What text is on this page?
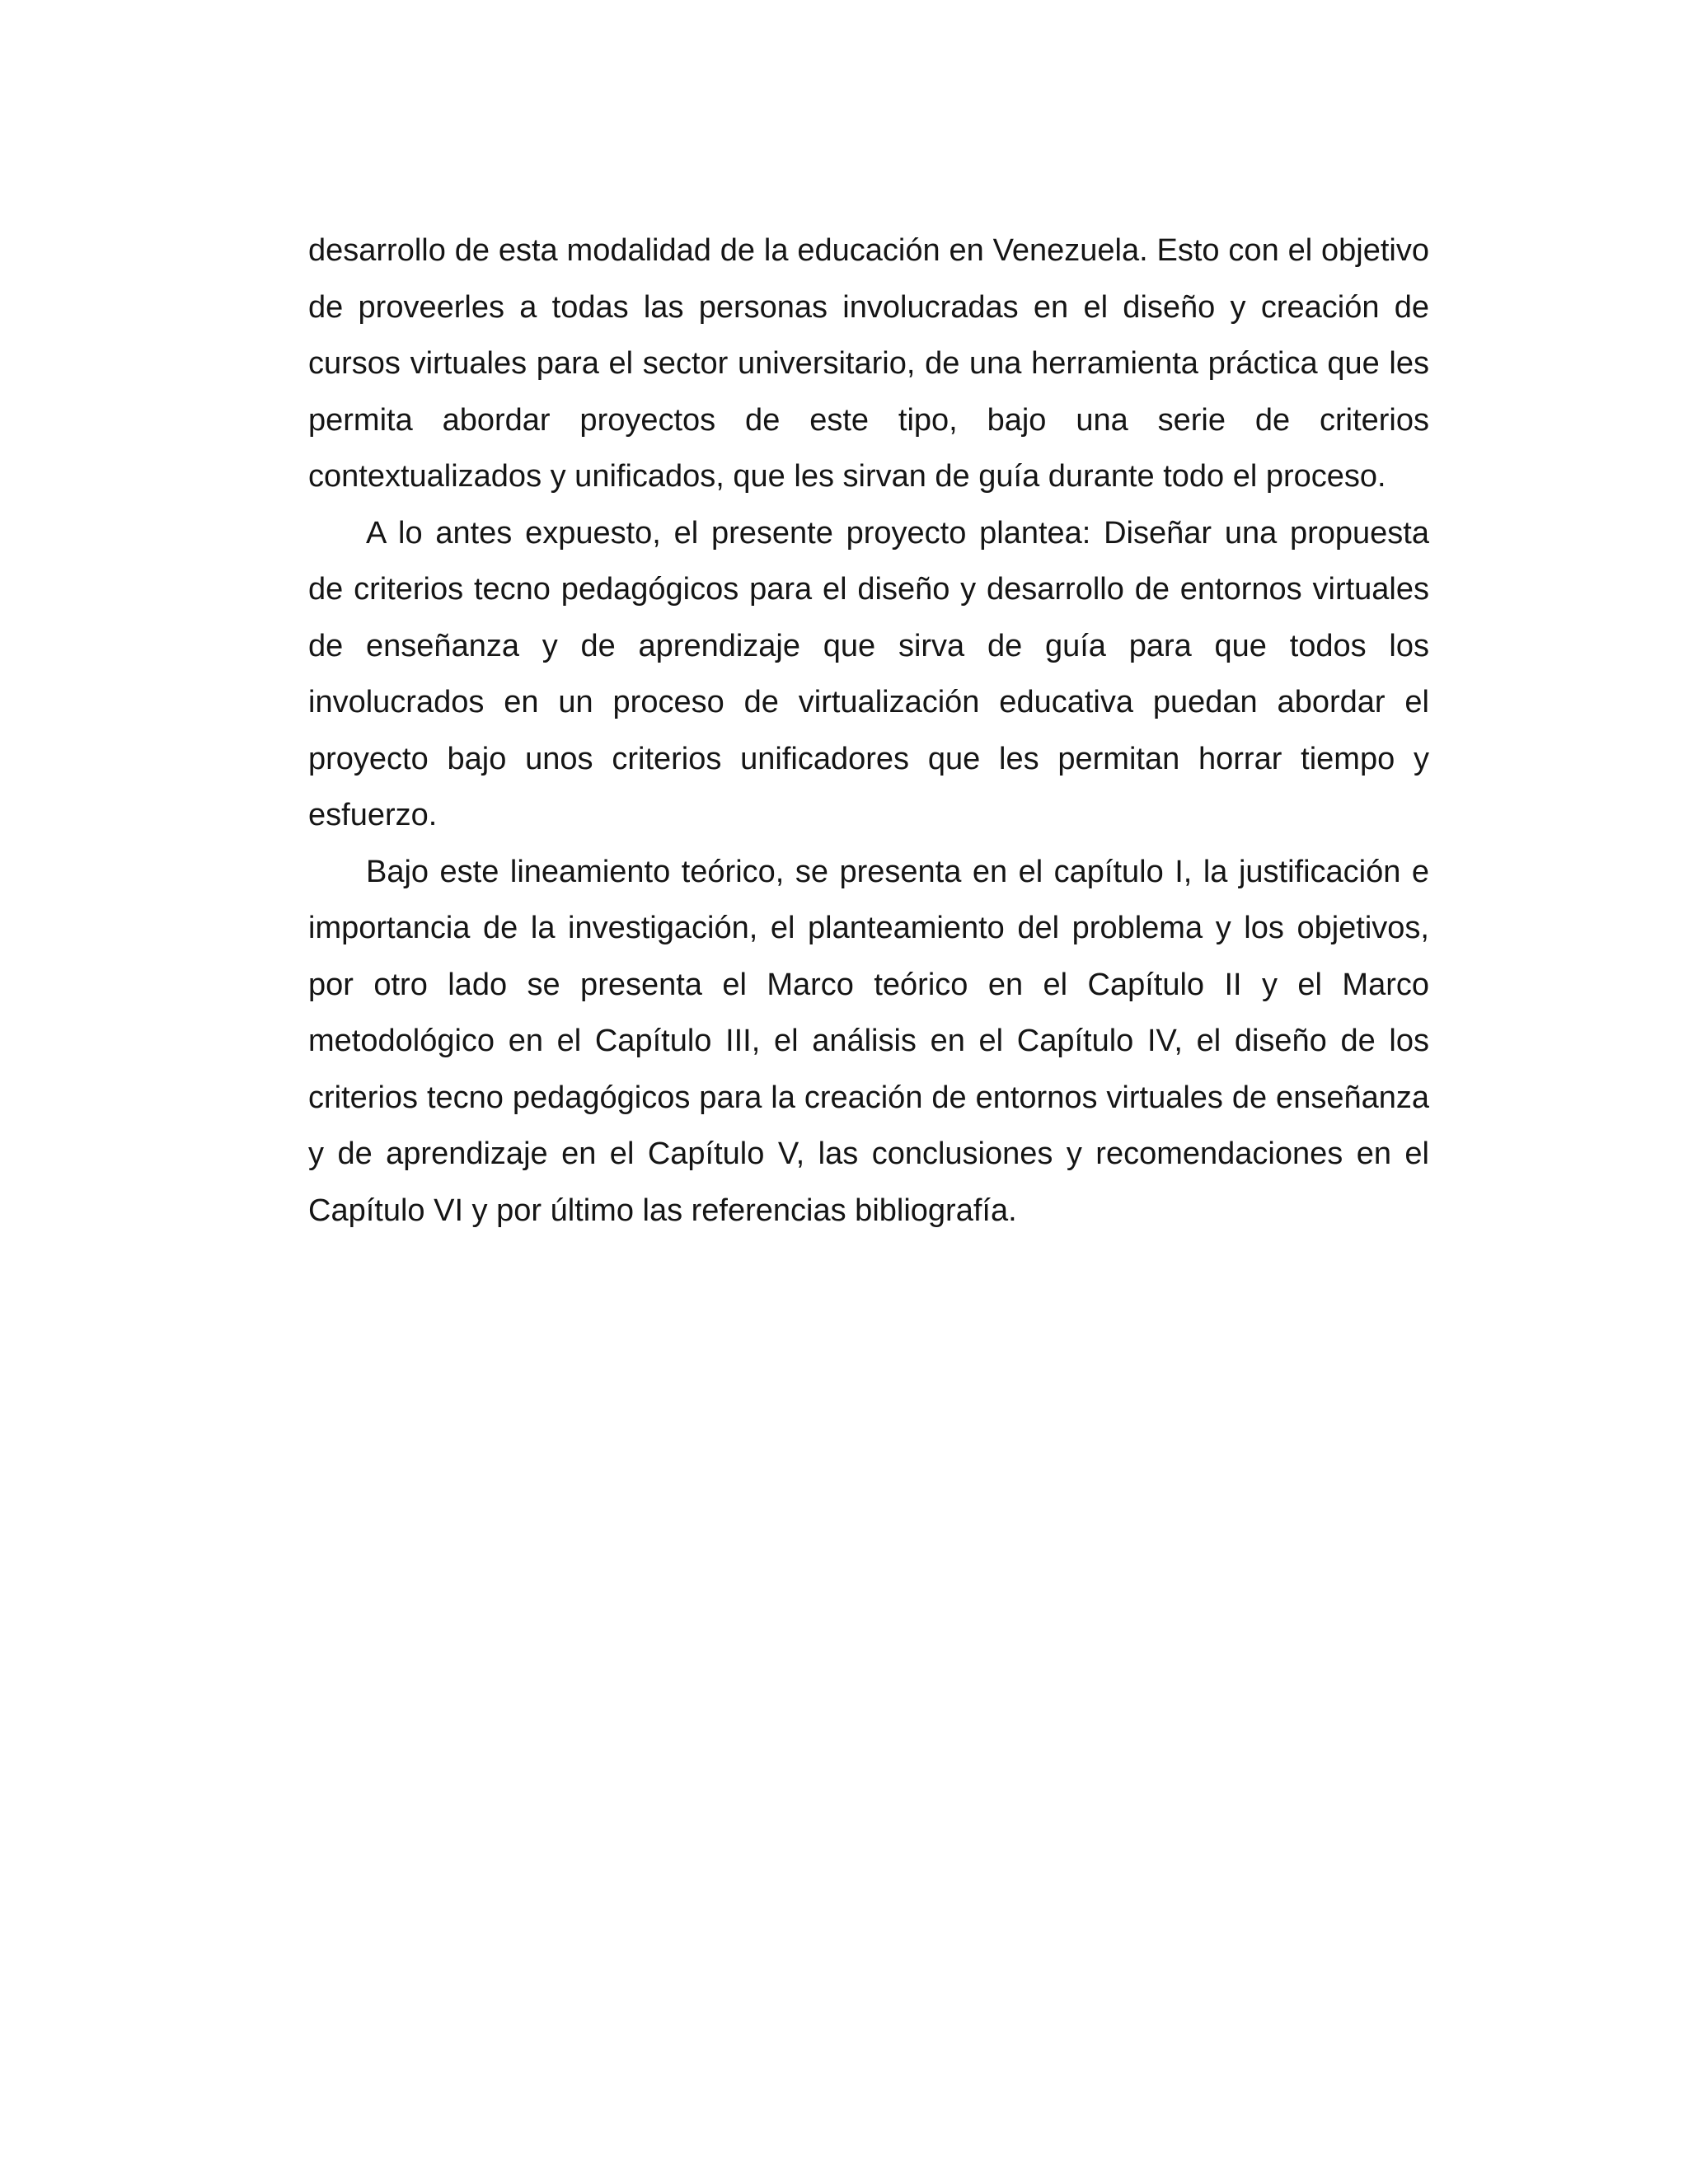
desarrollo de esta modalidad de la educación en Venezuela. Esto con el objetivo de proveerles a todas las personas involucradas en el diseño y creación de cursos virtuales para el sector universitario, de una herramienta práctica que les permita abordar proyectos de este tipo, bajo una serie de criterios contextualizados y unificados, que les sirvan de guía durante todo el proceso.

A lo antes expuesto, el presente proyecto plantea: Diseñar una propuesta de criterios tecno pedagógicos para el diseño y desarrollo de entornos virtuales de enseñanza y de aprendizaje que sirva de guía para que todos los involucrados en un proceso de virtualización educativa puedan abordar el proyecto bajo unos criterios unificadores que les permitan horrar tiempo y esfuerzo.

Bajo este lineamiento teórico, se presenta en el capítulo I, la justificación e importancia de la investigación, el planteamiento del problema y los objetivos, por otro lado se presenta el Marco teórico en el Capítulo II y el Marco metodológico en el Capítulo III, el análisis en el Capítulo IV, el diseño de los criterios tecno pedagógicos para la creación de entornos virtuales de enseñanza y de aprendizaje en el Capítulo V, las conclusiones y recomendaciones en el Capítulo VI y por último las referencias bibliografía.
